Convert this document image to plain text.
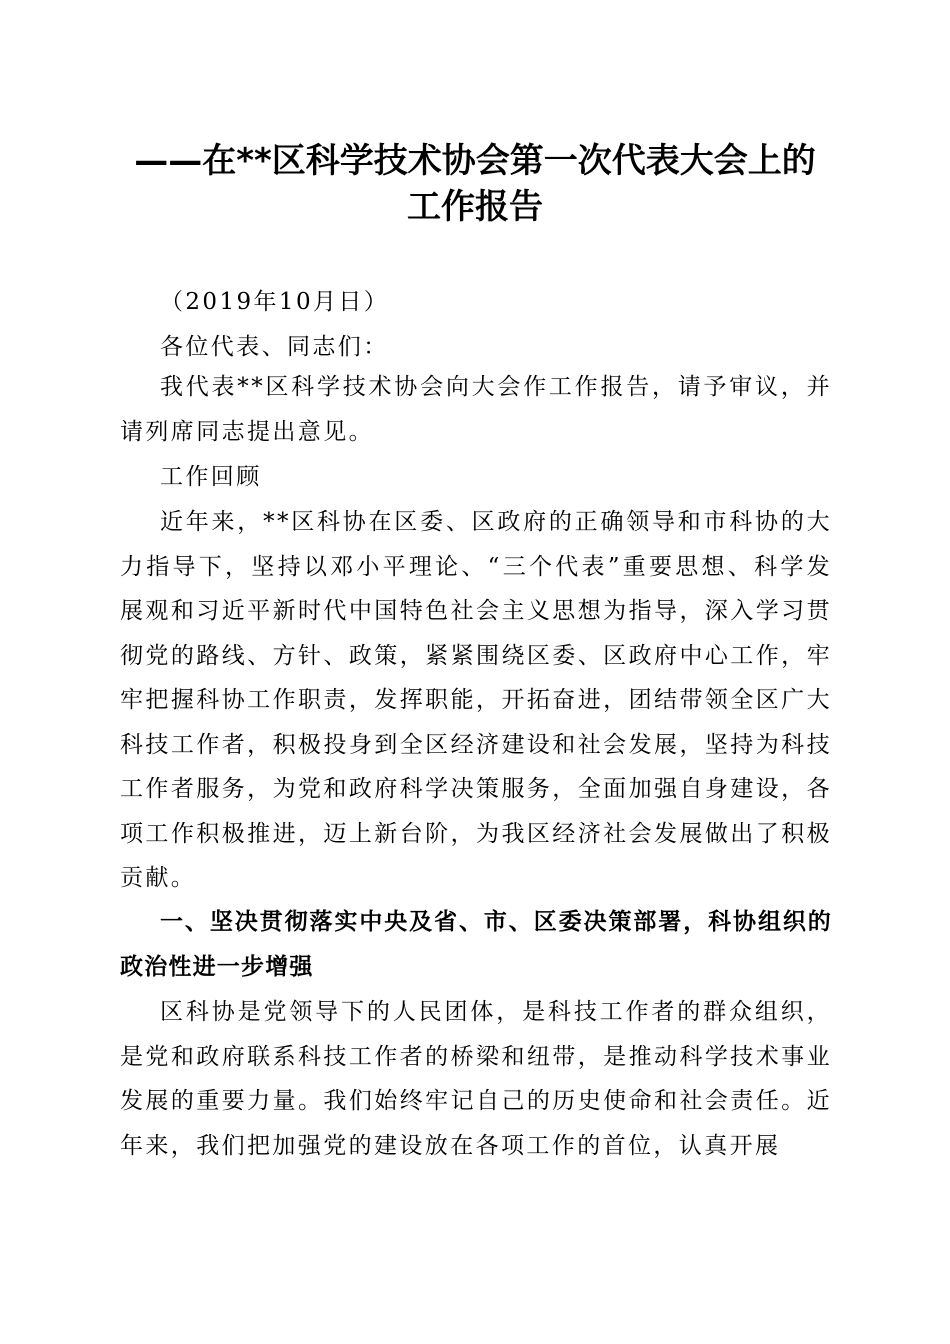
——在**区科学技术协会第一次代表大会上的
工作报告

（2019年10月日）

各位代表、同志们：

我代表**区科学技术协会向大会作工作报告，请予审议，并请列席同志提出意见。

工作回顾

近年来，**区科协在区委、区政府的正确领导和市科协的大力指导下，坚持以邓小平理论、“三个代表”重要思想、科学发展观和习近平新时代中国特色社会主义思想为指导，深入学习贯彻党的路线、方针、政策，紧紧围绕区委、区政府中心工作，牢牢把握科协工作职责，发挥职能，开拓奋进，团结带领全区广大科技工作者，积极投身到全区经济建设和社会发展，坚持为科技工作者服务，为党和政府科学决策服务，全面加强自身建设，各项工作积极推进，迈上新台阶，为我区经济社会发展做出了积极贡献。

一、坚决贯彻落实中央及省、市、区委决策部署，科协组织的政治性进一步增强

区科协是党领导下的人民团体，是科技工作者的群众组织，是党和政府联系科技工作者的桥梁和纽带，是推动科学技术事业发展的重要力量。我们始终牢记自己的历史使命和社会责任。近年来，我们把加强党的建设放在各项工作的首位，认真开展
